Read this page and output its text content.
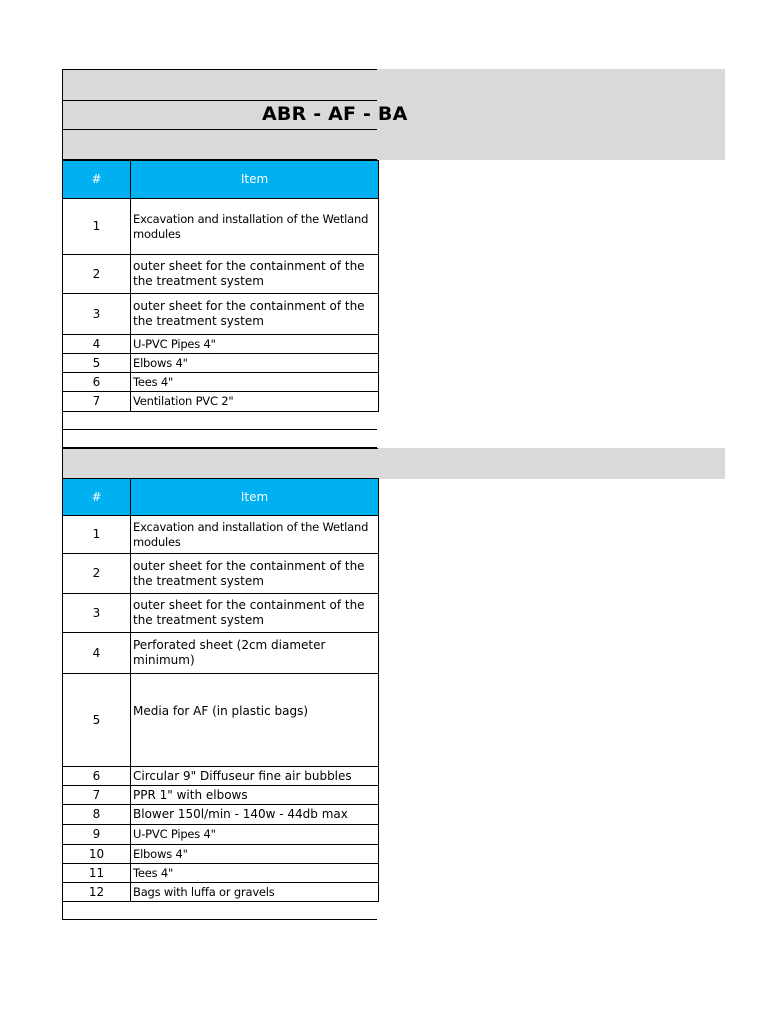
ABR - AF - BA
#	Item
1	Excavation and installation of the Wetland modules
2	outer sheet for the containment of the the treatment system
3	outer sheet for the containment of the the treatment system
4	U-PVC Pipes 4"
5	Elbows 4"
6	Tees 4"
7	Ventilation PVC 2"
#	Item
1	Excavation and installation of the Wetland modules
2	outer sheet for the containment of the the treatment system
3	outer sheet for the containment of the the treatment system
4	Perforated sheet (2cm diameter minimum)
5	Media for AF (in plastic bags)
6	Circular 9" Diffuseur fine air bubbles
7	PPR 1" with elbows
8	Blower 150l/min - 140w - 44db max
9	U-PVC Pipes 4"
10	Elbows 4"
11	Tees 4"
12	Bags with luffa or gravels
